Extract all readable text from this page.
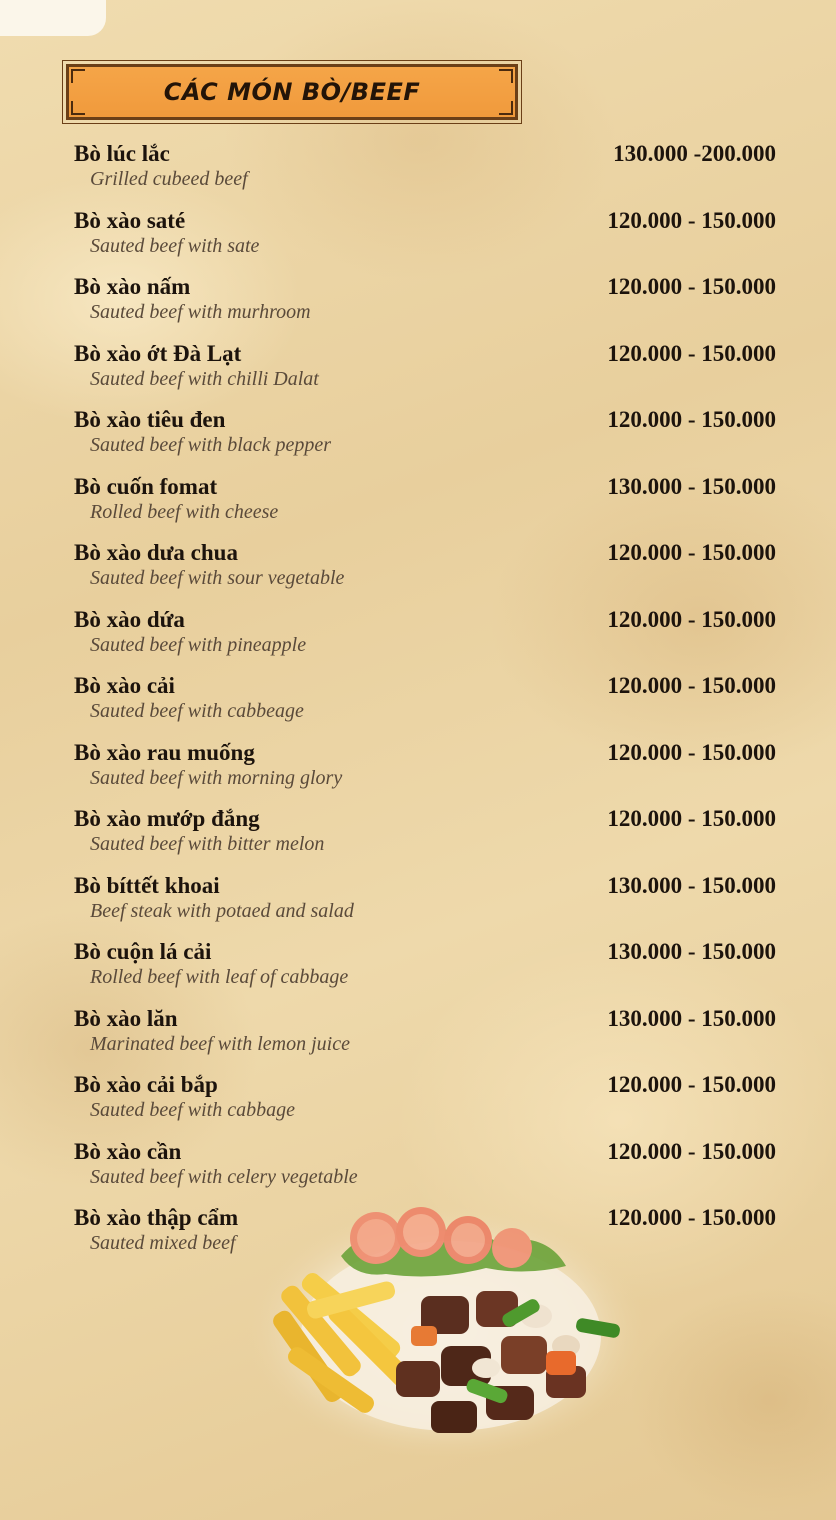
CÁC MÓN BÒ/BEEF
Bò lúc lắc	130.000 -200.000
Grilled cubeed beef
Bò xào saté	120.000 - 150.000
Sauted beef with sate
Bò xào nấm	120.000 - 150.000
Sauted beef with murhroom
Bò xào ớt Đà Lạt	120.000 - 150.000
Sauted beef with chilli Dalat
Bò xào tiêu đen	120.000 - 150.000
Sauted beef with black pepper
Bò cuốn fomat	130.000 - 150.000
Rolled beef with cheese
Bò xào dưa chua	120.000 - 150.000
Sauted beef with sour vegetable
Bò xào dứa	120.000 - 150.000
Sauted beef with pineapple
Bò xào cải	120.000 - 150.000
Sauted beef with cabbeage
Bò xào rau muống	120.000 - 150.000
Sauted beef with morning glory
Bò xào mướp đắng	120.000 - 150.000
Sauted beef with bitter melon
Bò bíttết khoai	130.000 - 150.000
Beef steak with potaed and salad
Bò cuộn lá cải	130.000 - 150.000
Rolled beef with leaf of cabbage
Bò xào lăn	130.000 - 150.000
Marinated beef with lemon juice
Bò xào cải bắp	120.000 - 150.000
Sauted beef with cabbage
Bò xào cần	120.000 - 150.000
Sauted beef with celery vegetable
Bò xào thập cẩm	120.000 - 150.000
Sauted mixed beef
